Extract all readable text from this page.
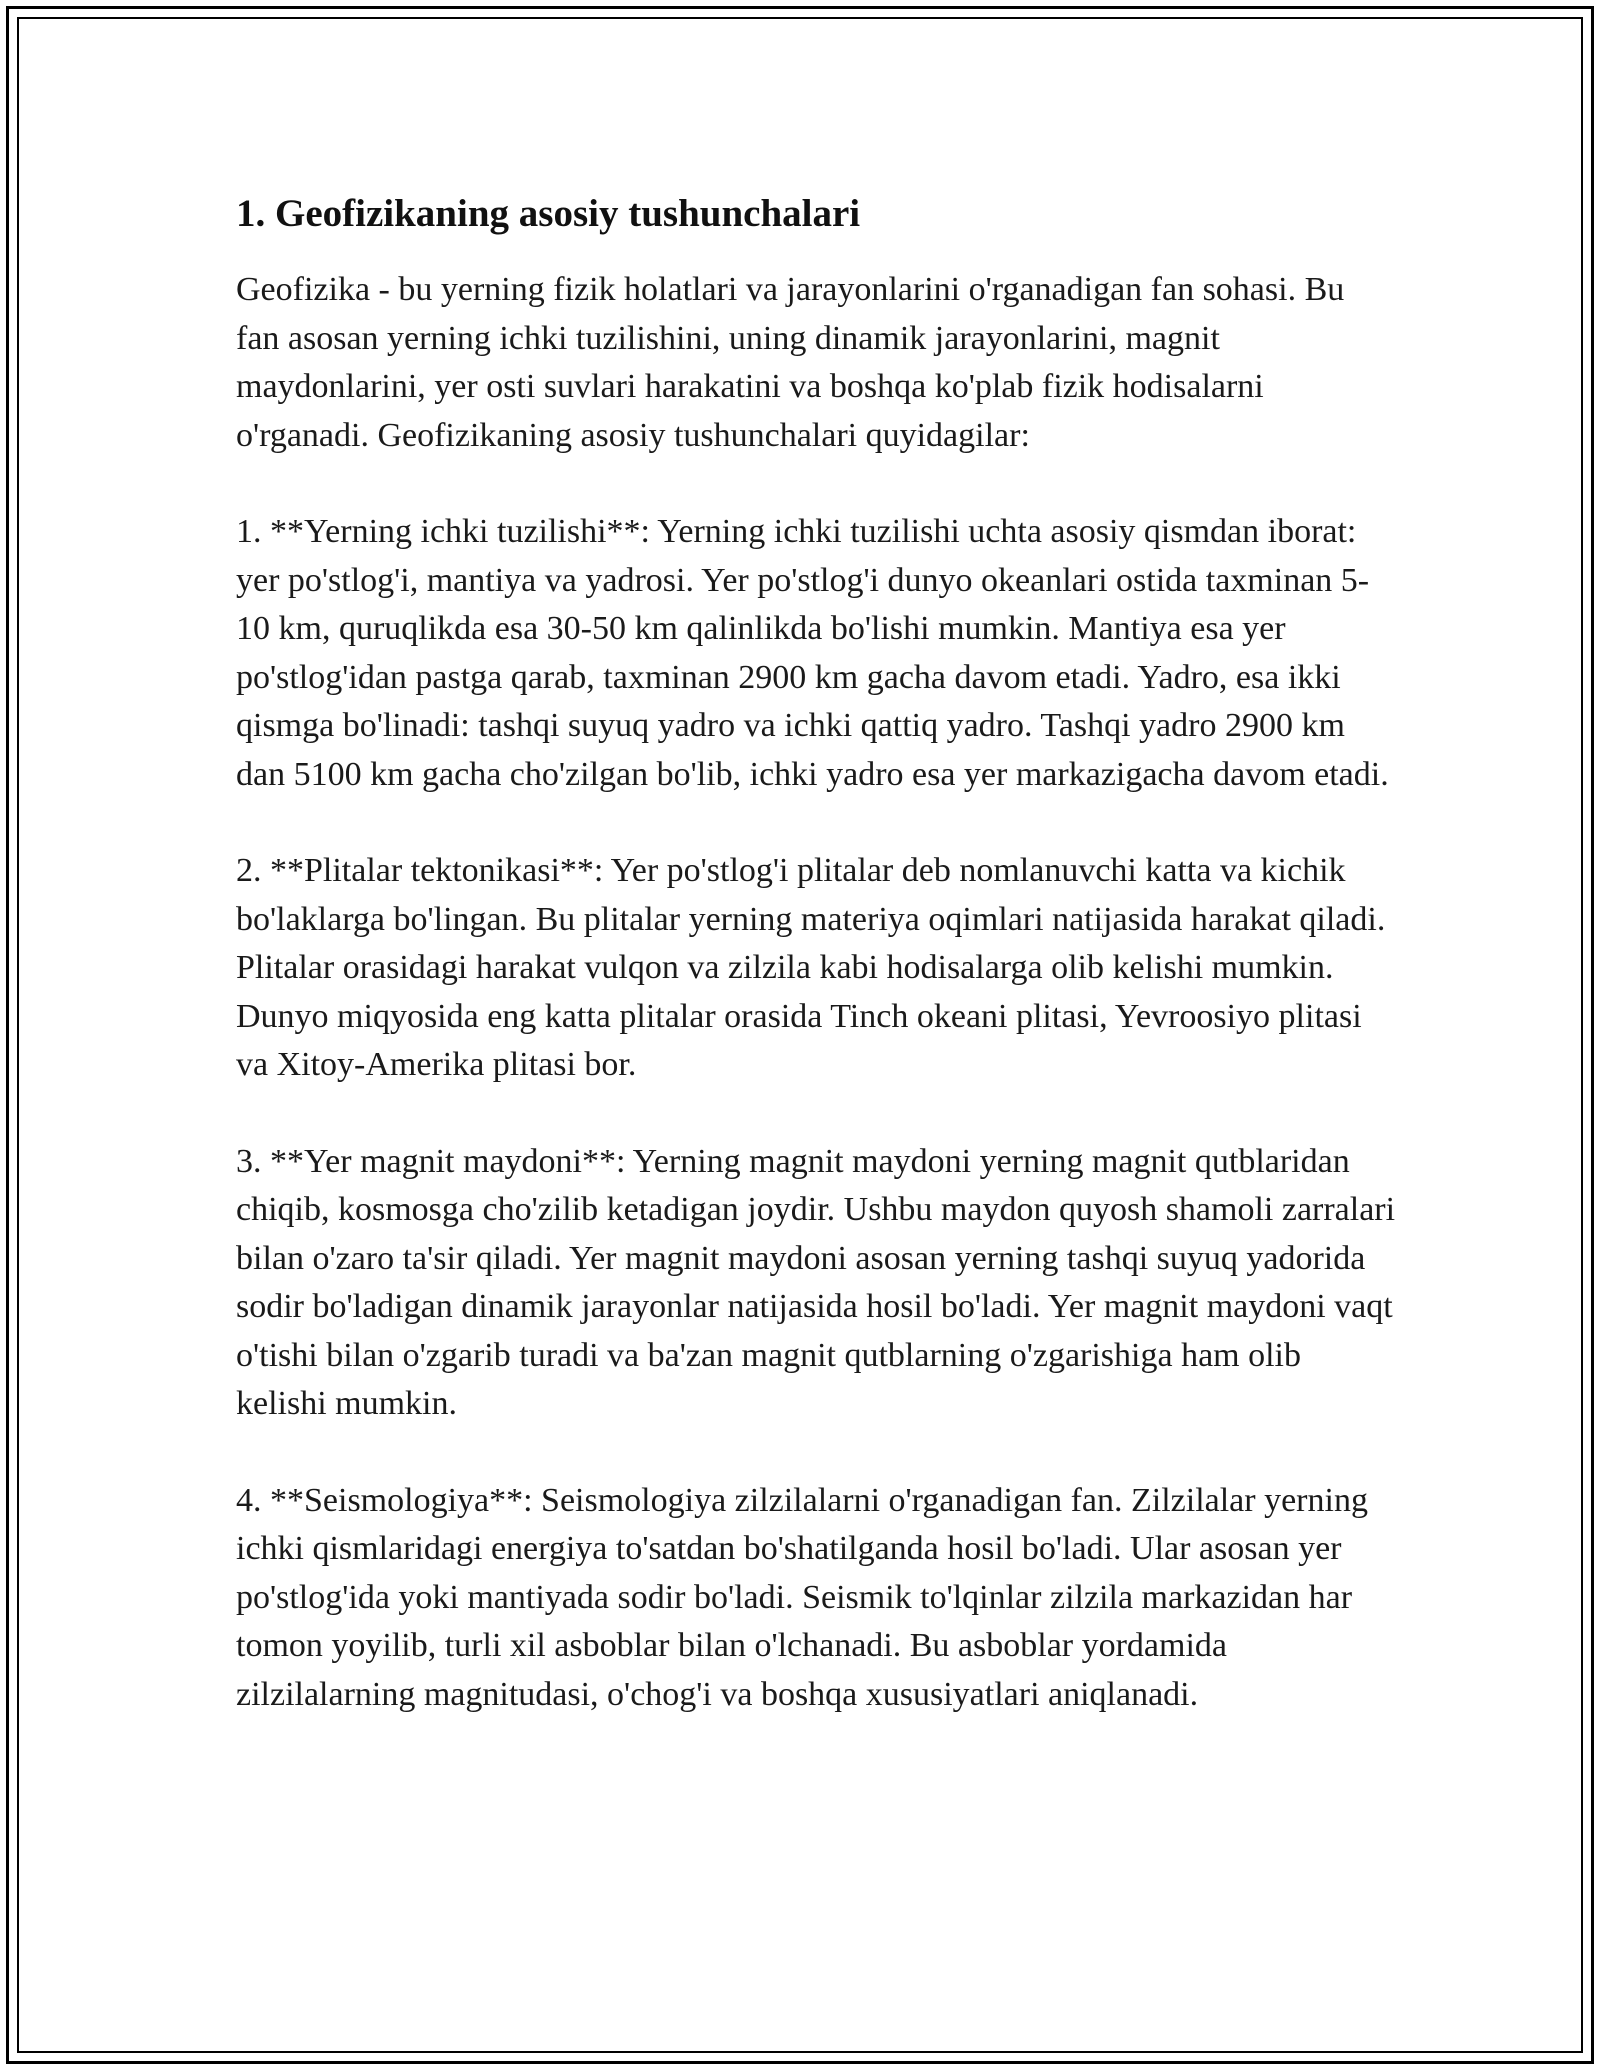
1. Geofizikaning asosiy tushunchalari

Geofizika - bu yerning fizik holatlari va jarayonlarini o'rganadigan fan sohasi. Bu fan asosan yerning ichki tuzilishini, uning dinamik jarayonlarini, magnit maydonlarini, yer osti suvlari harakatini va boshqa ko'plab fizik hodisalarni o'rganadi. Geofizikaning asosiy tushunchalari quyidagilar:

1. **Yerning ichki tuzilishi**: Yerning ichki tuzilishi uchta asosiy qismdan iborat: yer po'stlog'i, mantiya va yadrosi. Yer po'stlog'i dunyo okeanlari ostida taxminan 5-10 km, quruqlikda esa 30-50 km qalinlikda bo'lishi mumkin. Mantiya esa yer po'stlog'idan pastga qarab, taxminan 2900 km gacha davom etadi. Yadro, esa ikki qismga bo'linadi: tashqi suyuq yadro va ichki qattiq yadro. Tashqi yadro 2900 km dan 5100 km gacha cho'zilgan bo'lib, ichki yadro esa yer markazigacha davom etadi.

2. **Plitalar tektonikasi**: Yer po'stlog'i plitalar deb nomlanuvchi katta va kichik bo'laklarga bo'lingan. Bu plitalar yerning materiya oqimlari natijasida harakat qiladi. Plitalar orasidagi harakat vulqon va zilzila kabi hodisalarga olib kelishi mumkin. Dunyo miqyosida eng katta plitalar orasida Tinch okeani plitasi, Yevroosiyo plitasi va Xitoy-Amerika plitasi bor.

3. **Yer magnit maydoni**: Yerning magnit maydoni yerning magnit qutblaridan chiqib, kosmosga cho'zilib ketadigan joydir. Ushbu maydon quyosh shamoli zarralari bilan o'zaro ta'sir qiladi. Yer magnit maydoni asosan yerning tashqi suyuq yadorida sodir bo'ladigan dinamik jarayonlar natijasida hosil bo'ladi. Yer magnit maydoni vaqt o'tishi bilan o'zgarib turadi va ba'zan magnit qutblarning o'zgarishiga ham olib kelishi mumkin.

4. **Seismologiya**: Seismologiya zilzilalarni o'rganadigan fan. Zilzilalar yerning ichki qismlaridagi energiya to'satdan bo'shatilganda hosil bo'ladi. Ular asosan yer po'stlog'ida yoki mantiyada sodir bo'ladi. Seismik to'lqinlar zilzila markazidan har tomon yoyilib, turli xil asboblar bilan o'lchanadi. Bu asboblar yordamida zilzilalarning magnitudasi, o'chog'i va boshqa xususiyatlari aniqlanadi.
